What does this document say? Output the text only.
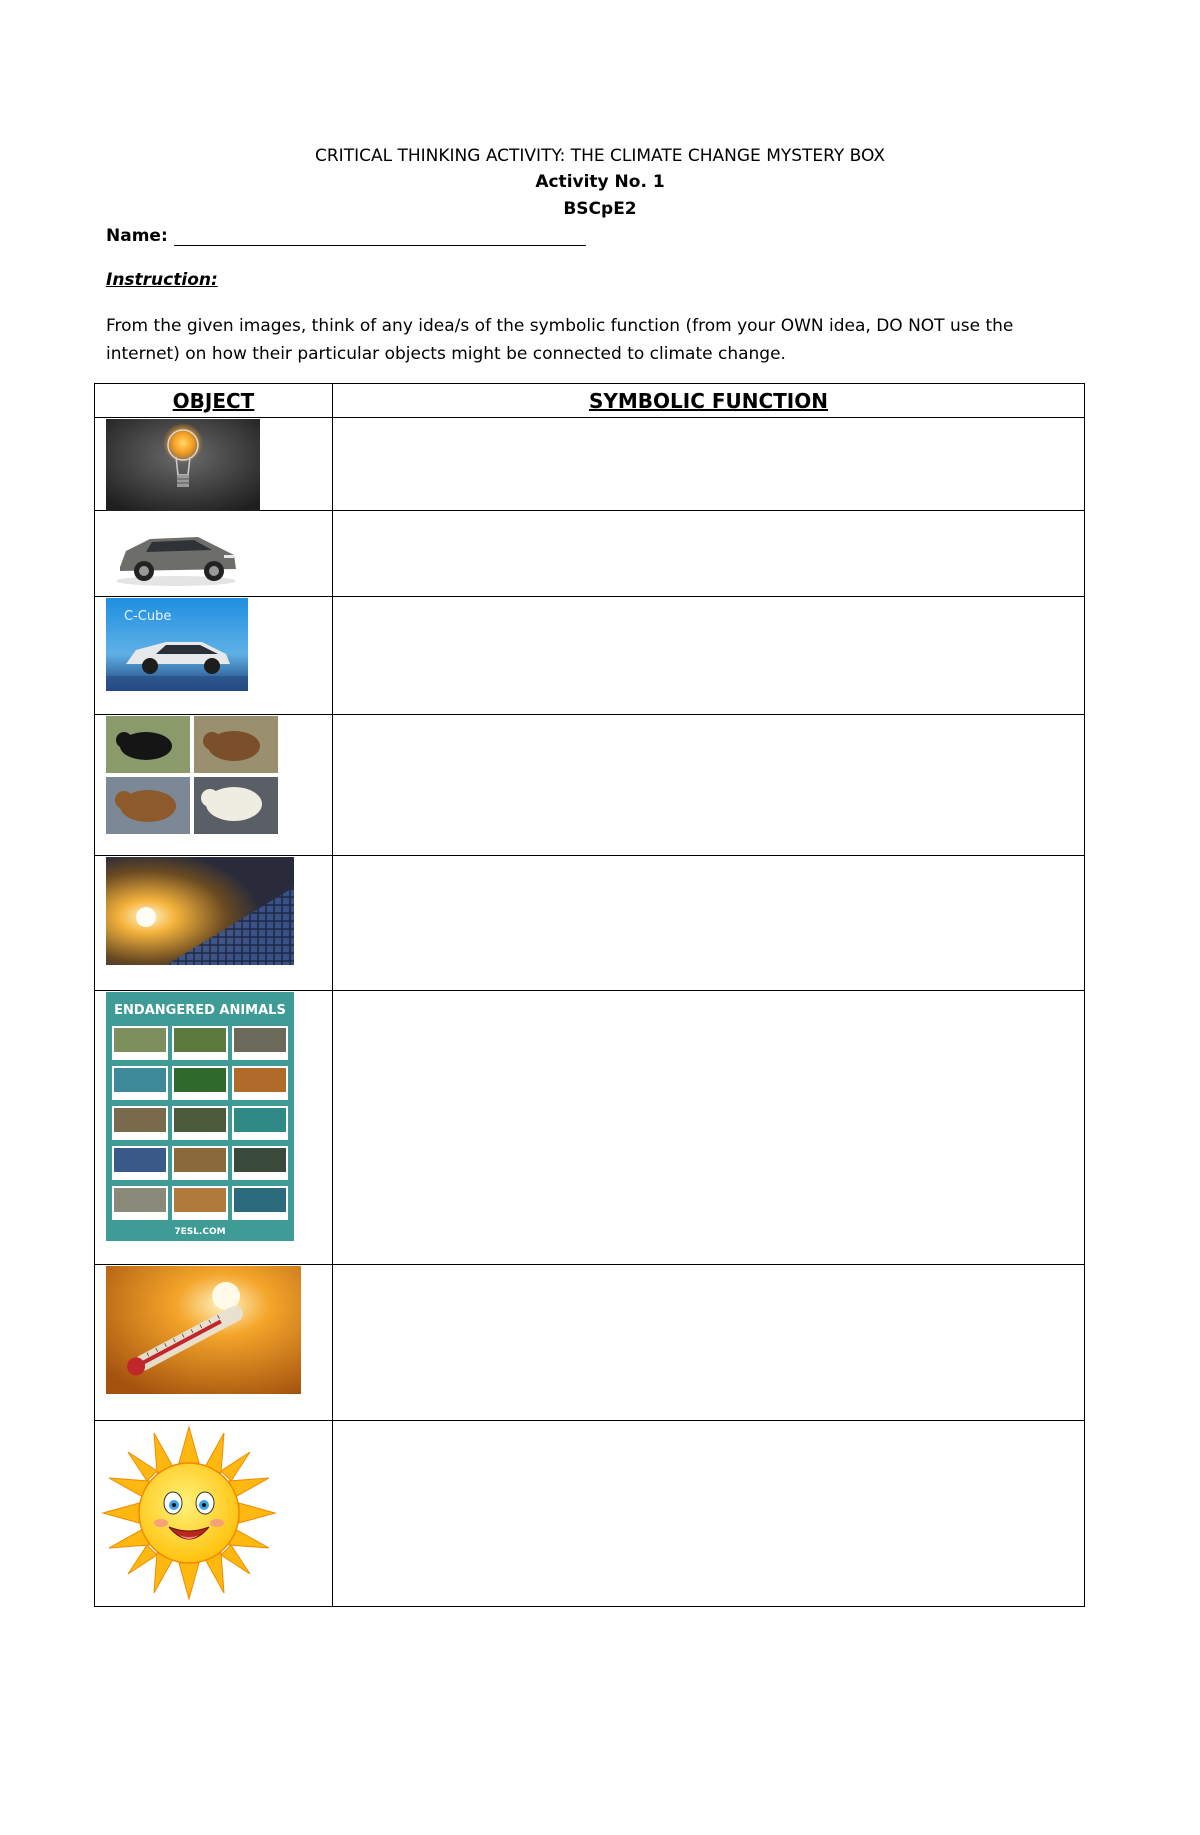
CRITICAL THINKING ACTIVITY: THE CLIMATE CHANGE MYSTERY BOX
Activity No. 1
BSCpE2
Name:
Instruction:
From the given images, think of any idea/s of the symbolic function (from your OWN idea, DO NOT use the internet) on how their particular objects might be connected to climate change.
OBJECT	SYMBOLIC FUNCTION

C-Cube	

ENDANGERED ANIMALS
7ESL.COM	
